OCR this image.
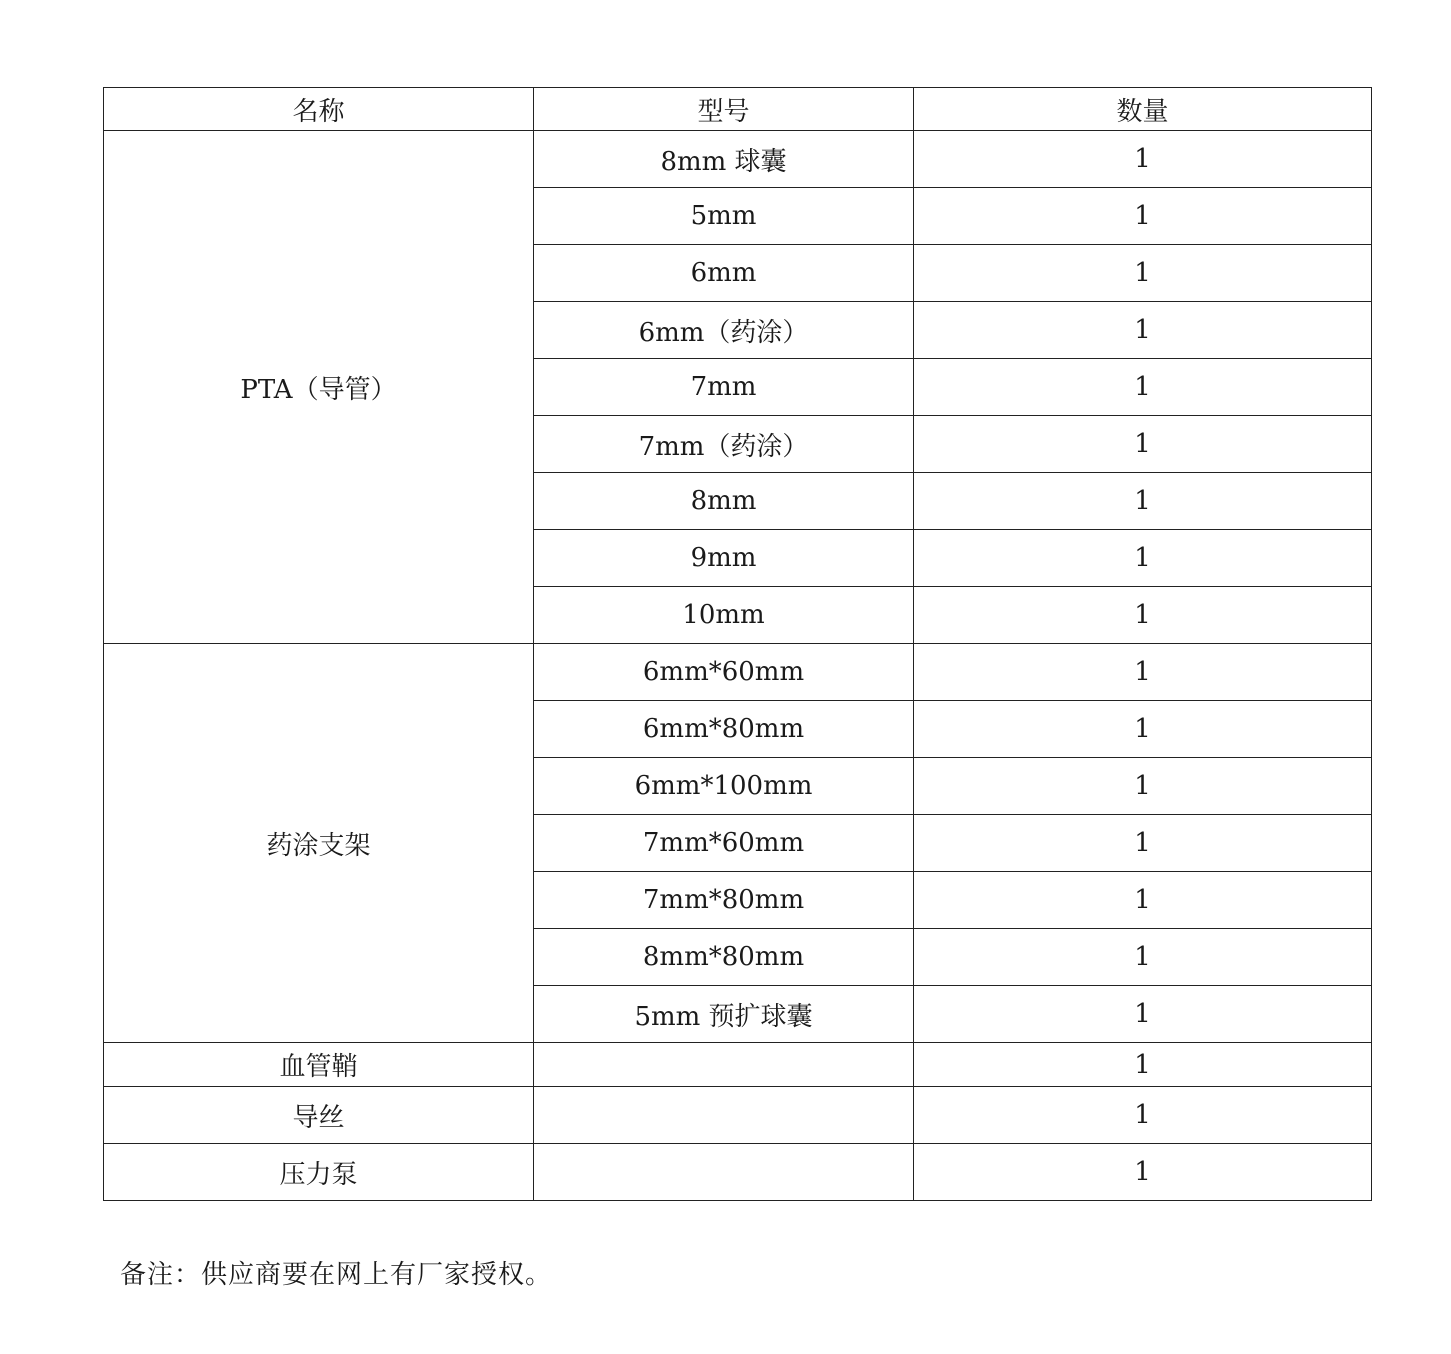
名称	型号	数量
PTA（导管）	8mm 球囊	1
	5mm	1
	6mm	1
	6mm（药涂）	1
	7mm	1
	7mm（药涂）	1
	8mm	1
	9mm	1
	10mm	1
药涂支架	6mm*60mm	1
	6mm*80mm	1
	6mm*100mm	1
	7mm*60mm	1
	7mm*80mm	1
	8mm*80mm	1
	5mm 预扩球囊	1
血管鞘		1
导丝		1
压力泵		1
备注：供应商要在网上有厂家授权。
